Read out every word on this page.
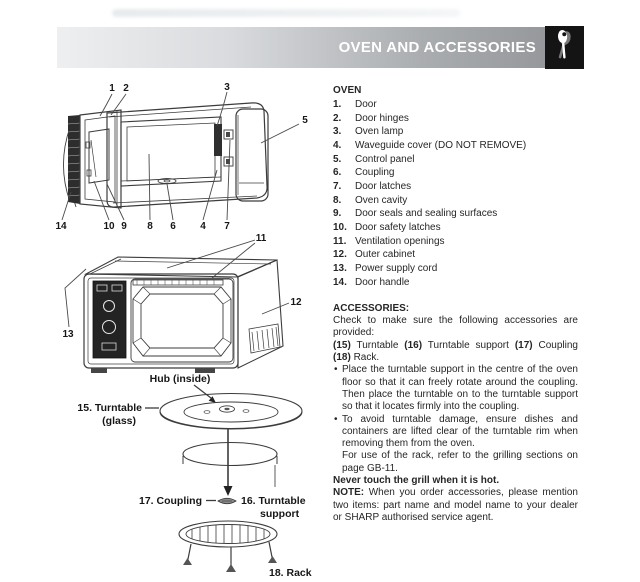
OVEN AND ACCESSORIES
1 2	3
5
14	10 9 8 6 4 7
11
12
13
Hub (inside)
15. Turntable
(glass)
17. Coupling	16. Turntable
support
18. Rack

OVEN

1.	Door
2.	Door hinges
3.	Oven lamp
4.	Waveguide cover (DO NOT REMOVE)
5.	Control panel
6.	Coupling
7.	Door latches
8.	Oven cavity
9.	Door seals and sealing surfaces
10. Door safety latches
11. Ventilation openings
12. Outer cabinet
13. Power supply cord
14. Door handle

ACCESSORIES:

Check to make sure the following accessories are provided:

(15) Turntable (16) Turntable support (17) Coupling (18) Rack.

• Place the turntable support in the centre of the oven floor so that it can freely rotate around the coupling. Then place the turntable on to the turntable support so that it locates firmly into the coupling.
• To avoid turntable damage, ensure dishes and containers are lifted clear of the turntable rim when removing them from the oven.
For use of the rack, refer to the grilling sections on page GB-11.

Never touch the grill when it is hot.

NOTE: When you order accessories, please mention two items: part name and model name to your dealer or SHARP authorised service agent.
